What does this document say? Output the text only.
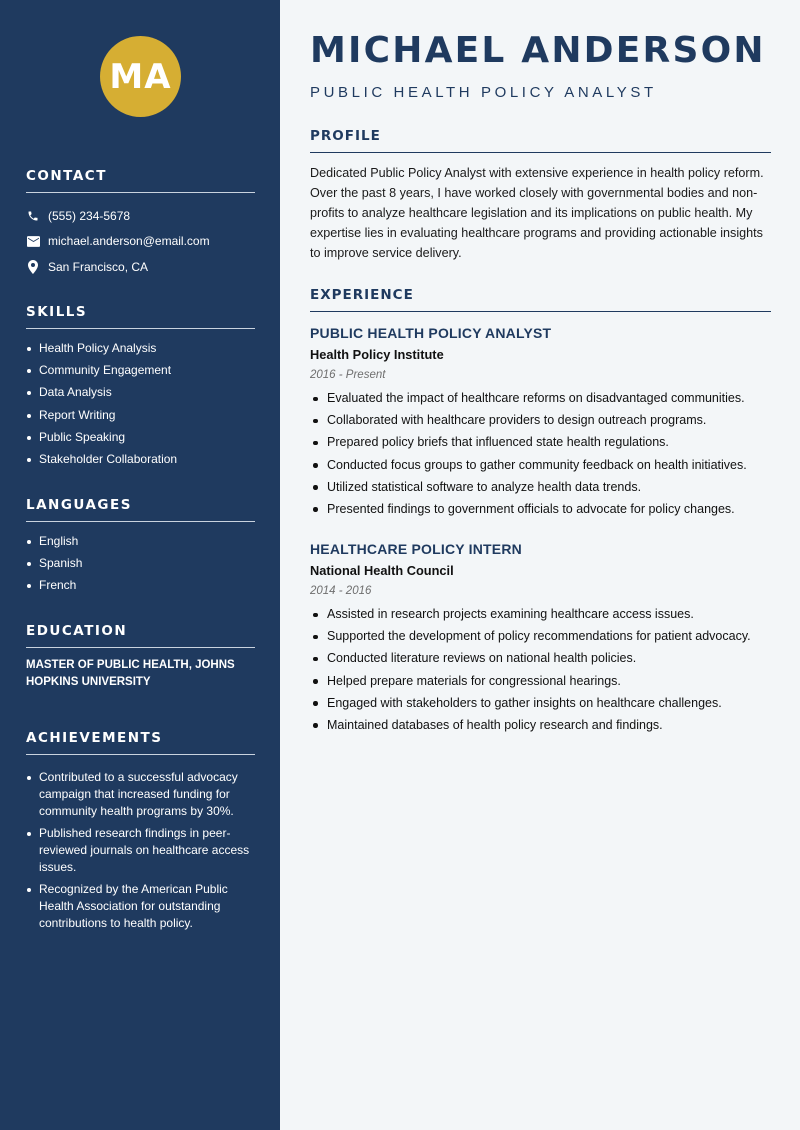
MA
CONTACT
(555) 234-5678
michael.anderson@email.com
San Francisco, CA
SKILLS
Health Policy Analysis
Community Engagement
Data Analysis
Report Writing
Public Speaking
Stakeholder Collaboration
LANGUAGES
English
Spanish
French
EDUCATION

MASTER OF PUBLIC HEALTH, JOHNS HOPKINS UNIVERSITY

ACHIEVEMENTS
Contributed to a successful advocacy campaign that increased funding for community health programs by 30%.
Published research findings in peer-reviewed journals on healthcare access issues.
Recognized by the American Public Health Association for outstanding contributions to health policy.
MICHAEL ANDERSON
PUBLIC HEALTH POLICY ANALYST
PROFILE

Dedicated Public Policy Analyst with extensive experience in health policy reform. Over the past 8 years, I have worked closely with governmental bodies and non-profits to analyze healthcare legislation and its implications on public health. My expertise lies in evaluating healthcare programs and providing actionable insights to improve service delivery.

EXPERIENCE
PUBLIC HEALTH POLICY ANALYST
Health Policy Institute
2016 - Present
Evaluated the impact of healthcare reforms on disadvantaged communities.
Collaborated with healthcare providers to design outreach programs.
Prepared policy briefs that influenced state health regulations.
Conducted focus groups to gather community feedback on health initiatives.
Utilized statistical software to analyze health data trends.
Presented findings to government officials to advocate for policy changes.
HEALTHCARE POLICY INTERN
National Health Council
2014 - 2016
Assisted in research projects examining healthcare access issues.
Supported the development of policy recommendations for patient advocacy.
Conducted literature reviews on national health policies.
Helped prepare materials for congressional hearings.
Engaged with stakeholders to gather insights on healthcare challenges.
Maintained databases of health policy research and findings.
